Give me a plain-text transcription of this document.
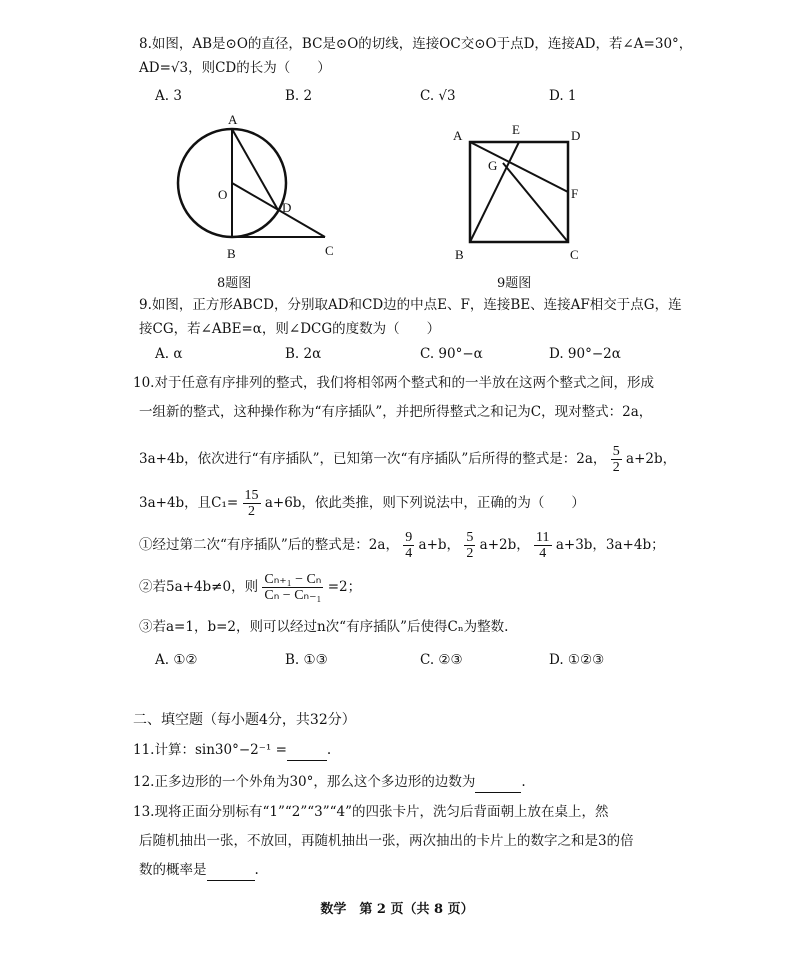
8.如图，AB是⊙O的直径，BC是⊙O的切线，连接OC交⊙O于点D，连接AD，若∠A=30°，
AD=√3，则CD的长为（　　）
A. 3	B. 2	C. √3	D. 1
A
O
D
B	C
8题图
A	E	D
G
F
B	C
9题图
9.如图，正方形ABCD，分别取AD和CD边的中点E、F，连接BE、连接AF相交于点G，连
接CG，若∠ABE=α，则∠DCG的度数为（　　）
A. α	B. 2α	C. 90°−α	D. 90°−2α
10.对于任意有序排列的整式，我们将相邻两个整式和的一半放在这两个整式之间，形成
一组新的整式，这种操作称为“有序插队”，并把所得整式之和记为C，现对整式：2a，
3a+4b，依次进行“有序插队”，已知第一次“有序插队”后所得的整式是：2a， $\frac{5}{2} a+2b$，
3a+4b，且$C_1= \frac{15}{2} a+6b$，依此类推，则下列说法中，正确的为（　　）
①经过第二次“有序插队”后的整式是：2a， $\frac{9}{4} a+b$， $\frac{5}{2} a+2b$， $\frac{11}{4} a+3b$，3a+4b；
②若5a+4b≠0，则 $\frac{\text{Cₙ₊₁ − Cₙ}}{\text{Cₙ − Cₙ₋₁}} =2$；
③若a=1，b=2，则可以经过n次“有序插队”后使得Cₙ为整数.
A. ①②	B. ①③	C. ②③	D. ①②③
二、填空题（每小题4分，共32分）
11.计算：sin30°−2⁻¹ =	.
12.正多边形的一个外角为30°，那么这个多边形的边数为	.
13.现将正面分别标有“1”“2”“3”“4”的四张卡片，洗匀后背面朝上放在桌上，然
后随机抽出一张，不放回，再随机抽出一张，两次抽出的卡片上的数字之和是3的倍
数的概率是	.
数学　第 2 页（共 8 页）
